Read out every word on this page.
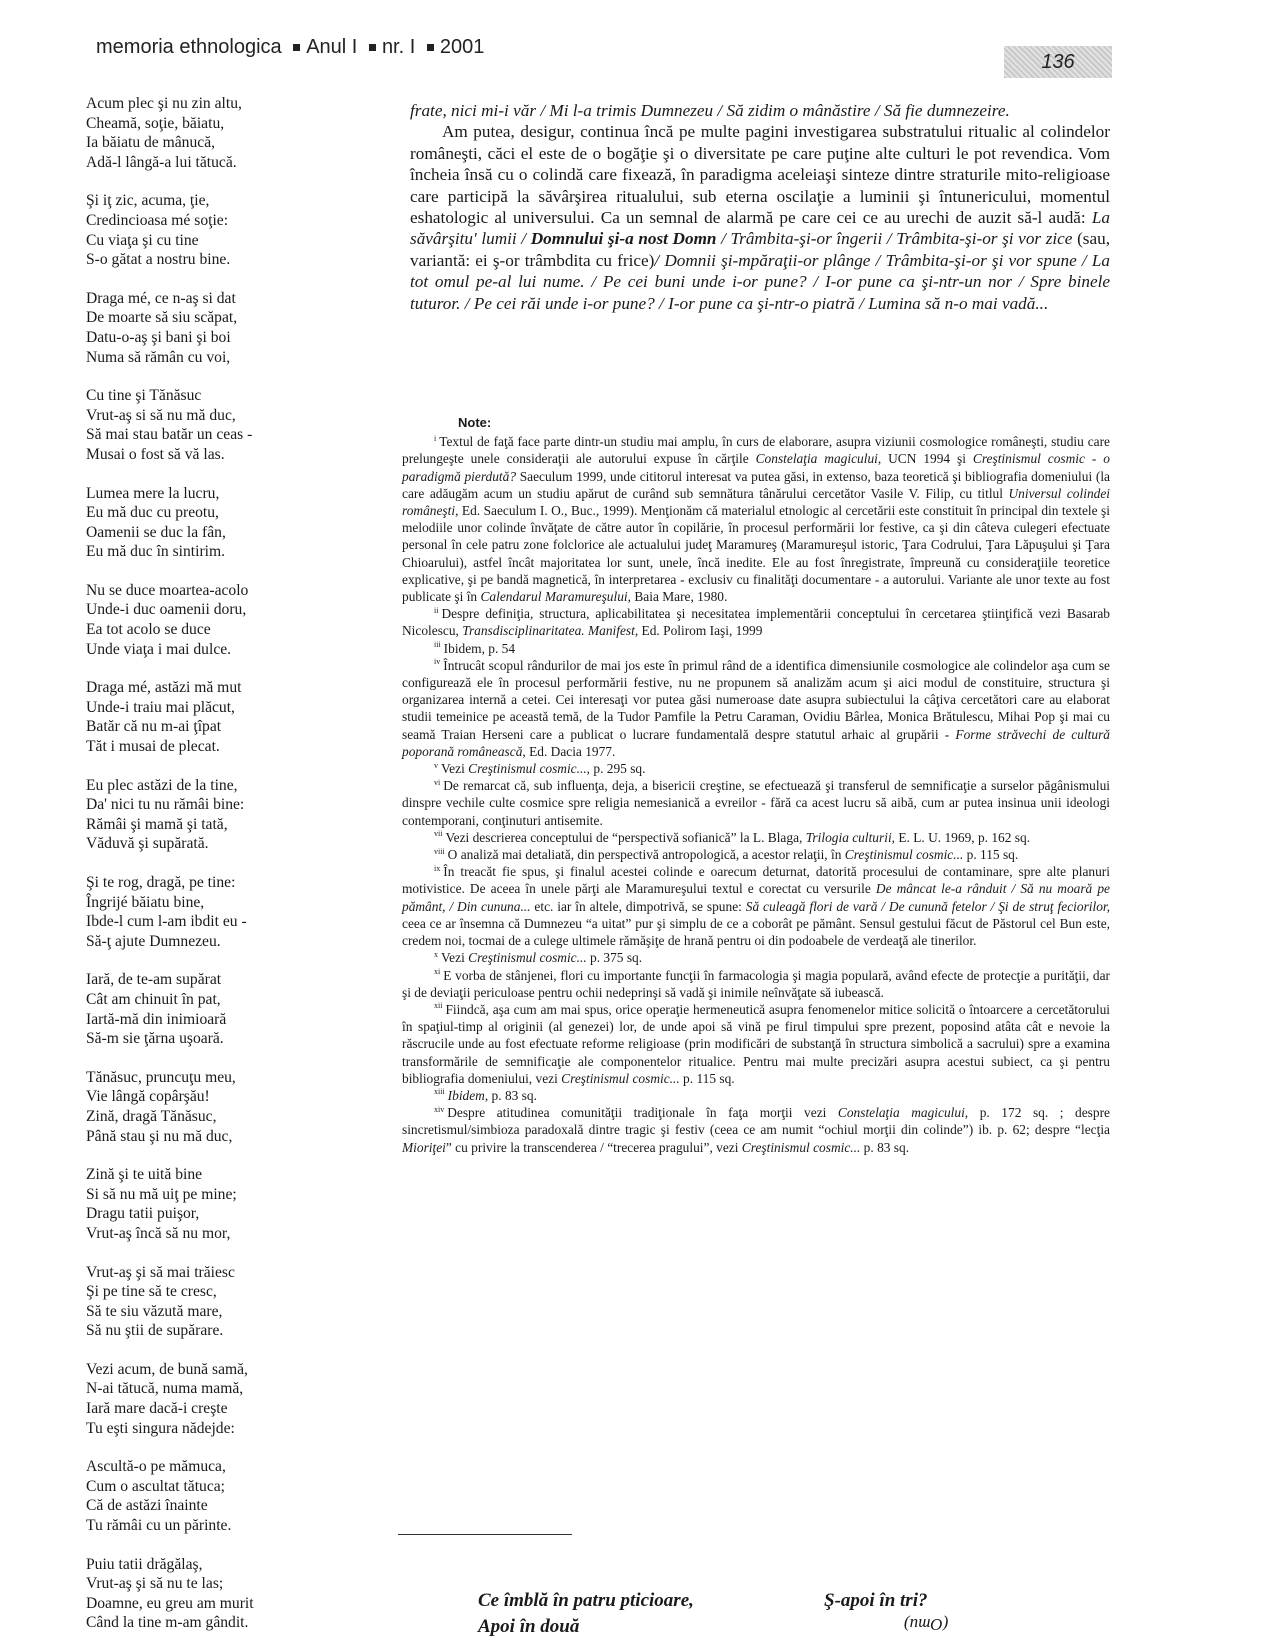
memoria ethnologica Anul I nr. I 2001
136
Acum plec şi nu zin altu,
Cheamă, soţie, băiatu,
Ia băiatu de mânucă,
Adă-l lângă-a lui tătucă.
Şi iţ zic, acuma, ţie,
Credincioasa mé soţie:
Cu viaţa şi cu tine
S-o gătat a nostru bine.
Draga mé, ce n-aş si dat
De moarte să siu scăpat,
Datu-o-aş şi bani şi boi
Numa să rămân cu voi,
Cu tine şi Tănăsuc
Vrut-aş si să nu mă duc,
Să mai stau batăr un ceas -
Musai o fost să vă las.
Lumea mere la lucru,
Eu mă duc cu preotu,
Oamenii se duc la fân,
Eu mă duc în sintirim.
Nu se duce moartea-acolo
Unde-i duc oamenii doru,
Ea tot acolo se duce
Unde viaţa i mai dulce.
Draga mé, astăzi mă mut
Unde-i traiu mai plăcut,
Batăr că nu m-ai ţîpat
Tăt i musai de plecat.
Eu plec astăzi de la tine,
Da' nici tu nu rămâi bine:
Rămâi şi mamă şi tată,
Văduvă şi supărată.
Şi te rog, dragă, pe tine:
Îngrijé băiatu bine,
Ibde-l cum l-am ibdit eu -
Să-ţ ajute Dumnezeu.
Iară, de te-am supărat
Cât am chinuit în pat,
Iartă-mă din inimioară
Să-m sie ţărna uşoară.
Tănăsuc, pruncuţu meu,
Vie lângă copârşău!
Zină, dragă Tănăsuc,
Până stau şi nu mă duc,
Zină şi te uită bine
Si să nu mă uiţ pe mine;
Dragu tatii puişor,
Vrut-aş încă să nu mor,
Vrut-aş şi să mai trăiesc
Şi pe tine să te cresc,
Să te siu văzută mare,
Să nu ştii de supărare.
Vezi acum, de bună samă,
N-ai tătucă, numa mamă,
Iară mare dacă-i creşte
Tu eşti singura nădejde:
Ascultă-o pe mămuca,
Cum o ascultat tătuca;
Că de astăzi înainte
Tu rămâi cu un părinte.
Puiu tatii drăgălaş,
Vrut-aş şi să nu te las;
Doamne, eu greu am murit
Când la tine m-am gândit.

frate, nici mi-i văr / Mi l-a trimis Dumnezeu / Să zidim o mânăstire / Să fie dumnezeire.

Am putea, desigur, continua încă pe multe pagini investigarea substratului ritualic al colindelor româneşti, căci el este de o bogăţie şi o diversitate pe care puţine alte culturi le pot revendica. Vom încheia însă cu o colindă care fixează, în paradigma aceleiaşi sinteze dintre straturile mito-religioase care participă la săvârşirea ritualului, sub eterna oscilaţie a luminii şi întunericului, momentul eshatologic al universului. Ca un semnal de alarmă pe care cei ce au urechi de auzit să-l audă: La săvârşitu' lumii / Domnului şi-a nost Domn / Trâmbita-şi-or îngerii / Trâmbita-şi-or şi vor zice (sau, variantă: ei ş-or trâmbdita cu frice)/ Domnii şi-mpăraţii-or plânge / Trâmbita-şi-or şi vor spune / La tot omul pe-al lui nume. / Pe cei buni unde i-or pune? / I-or pune ca şi-ntr-un nor / Spre binele tuturor. / Pe cei răi unde i-or pune? / I-or pune ca şi-ntr-o piatră / Lumina să n-o mai vadă...

Note:

$^i$ Textul de faţă face parte dintr-un studiu mai amplu, în curs de elaborare, asupra viziunii cosmologice româneşti, studiu care prelungeşte unele consideraţii ale autorului expuse în cărţile Constelaţia magicului, UCN 1994 şi Creştinismul cosmic - o paradigmă pierdută? Saeculum 1999, unde cititorul interesat va putea găsi, in extenso, baza teoretică şi bibliografia domeniului (la care adăugăm acum un studiu apărut de curând sub semnătura tânărului cercetător Vasile V. Filip, cu titlul Universul colindei româneşti, Ed. Saeculum I. O., Buc., 1999). Menţionăm că materialul etnologic al cercetării este constituit în principal din textele şi melodiile unor colinde învăţate de către autor în copilărie, în procesul performării lor festive, ca şi din câteva culegeri efectuate personal în cele patru zone folclorice ale actualului judeţ Maramureş (Maramureşul istoric, Ţara Codrului, Ţara Lăpuşului şi Ţara Chioarului), astfel încât majoritatea lor sunt, unele, încă inedite. Ele au fost înregistrate, împreună cu consideraţiile teoretice explicative, şi pe bandă magnetică, în interpretarea - exclusiv cu finalităţi documentare - a autorului. Variante ale unor texte au fost publicate şi în Calendarul Maramureşului, Baia Mare, 1980.

$^{ii}$ Despre definiţia, structura, aplicabilitatea şi necesitatea implementării conceptului în cercetarea ştiinţifică vezi Basarab Nicolescu, Transdisciplinaritatea. Manifest, Ed. Polirom Iaşi, 1999

$^{iii}$ Ibidem, p. 54

$^{iv}$ Întrucât scopul rândurilor de mai jos este în primul rând de a identifica dimensiunile cosmologice ale colindelor aşa cum se configurează ele în procesul performării festive, nu ne propunem să analizăm acum şi aici modul de constituire, structura şi organizarea internă a cetei. Cei interesaţi vor putea găsi numeroase date asupra subiectului la câţiva cercetători care au elaborat studii temeinice pe această temă, de la Tudor Pamfile la Petru Caraman, Ovidiu Bârlea, Monica Brătulescu, Mihai Pop şi mai cu seamă Traian Herseni care a publicat o lucrare fundamentală despre statutul arhaic al grupării - Forme străvechi de cultură poporană românească, Ed. Dacia 1977.

$^v$ Vezi Creştinismul cosmic..., p. 295 sq.

$^{vi}$ De remarcat că, sub influenţa, deja, a bisericii creştine, se efectuează şi transferul de semnificaţie a surselor păgânismului dinspre vechile culte cosmice spre religia nemesianică a evreilor - fără ca acest lucru să aibă, cum ar putea insinua unii ideologi contemporani, conţinuturi antisemite.

$^{vii}$ Vezi descrierea conceptului de “perspectivă sofianică” la L. Blaga, Trilogia culturii, E. L. U. 1969, p. 162 sq.

$^{viii}$ O analiză mai detaliată, din perspectivă antropologică, a acestor relaţii, în Creştinismul cosmic... p. 115 sq.

$^{ix}$ În treacăt fie spus, şi finalul acestei colinde e oarecum deturnat, datorită procesului de contaminare, spre alte planuri motivistice. De aceea în unele părţi ale Maramureşului textul e corectat cu versurile De mâncat le-a rânduit / Să nu moară pe pământ, / Din cununa... etc. iar în altele, dimpotrivă, se spune: Să culeagă flori de vară / De cunună fetelor / Şi de struţ feciorilor, ceea ce ar însemna că Dumnezeu “a uitat” pur şi simplu de ce a coborât pe pământ. Sensul gestului făcut de Păstorul cel Bun este, credem noi, tocmai de a culege ultimele rămăşiţe de hrană pentru oi din podoabele de verdeaţă ale tinerilor.

$^x$ Vezi Creştinismul cosmic... p. 375 sq.

$^{xi}$ E vorba de stânjenei, flori cu importante funcţii în farmacologia şi magia populară, având efecte de protecţie a purităţii, dar şi de deviaţii periculoase pentru ochii nedeprinşi să vadă şi inimile neînvăţate să iubească.

$^{xii}$ Fiindcă, aşa cum am mai spus, orice operaţie hermeneutică asupra fenomenelor mitice solicită o întoarcere a cercetătorului în spaţiul-timp al originii (al genezei) lor, de unde apoi să vină pe firul timpului spre prezent, poposind atâta cât e nevoie la răscrucile unde au fost efectuate reforme religioase (prin modificări de substanţă în structura simbolică a sacrului) spre a examina transformările de semnificaţie ale componentelor ritualice. Pentru mai multe precizări asupra acestui subiect, ca şi pentru bibliografia domeniului, vezi Creştinismul cosmic... p. 115 sq.

$^{xiii}$ Ibidem, p. 83 sq.

$^{xiv}$ Despre atitudinea comunităţii tradiţionale în faţa morţii vezi Constelaţia magicului, p. 172 sq. ; despre sincretismul/simbioza paradoxală dintre tragic şi festiv (ceea ce am numit “ochiul morţii din colinde”) ib. p. 62; despre “lecţia Mioriţei” cu privire la transcenderea / “trecerea pragului”, vezi Creştinismul cosmic... p. 83 sq.

Ce îmblă în patru pticioare,
Apoi în două
Ş-apoi în tri?
(Omu)
